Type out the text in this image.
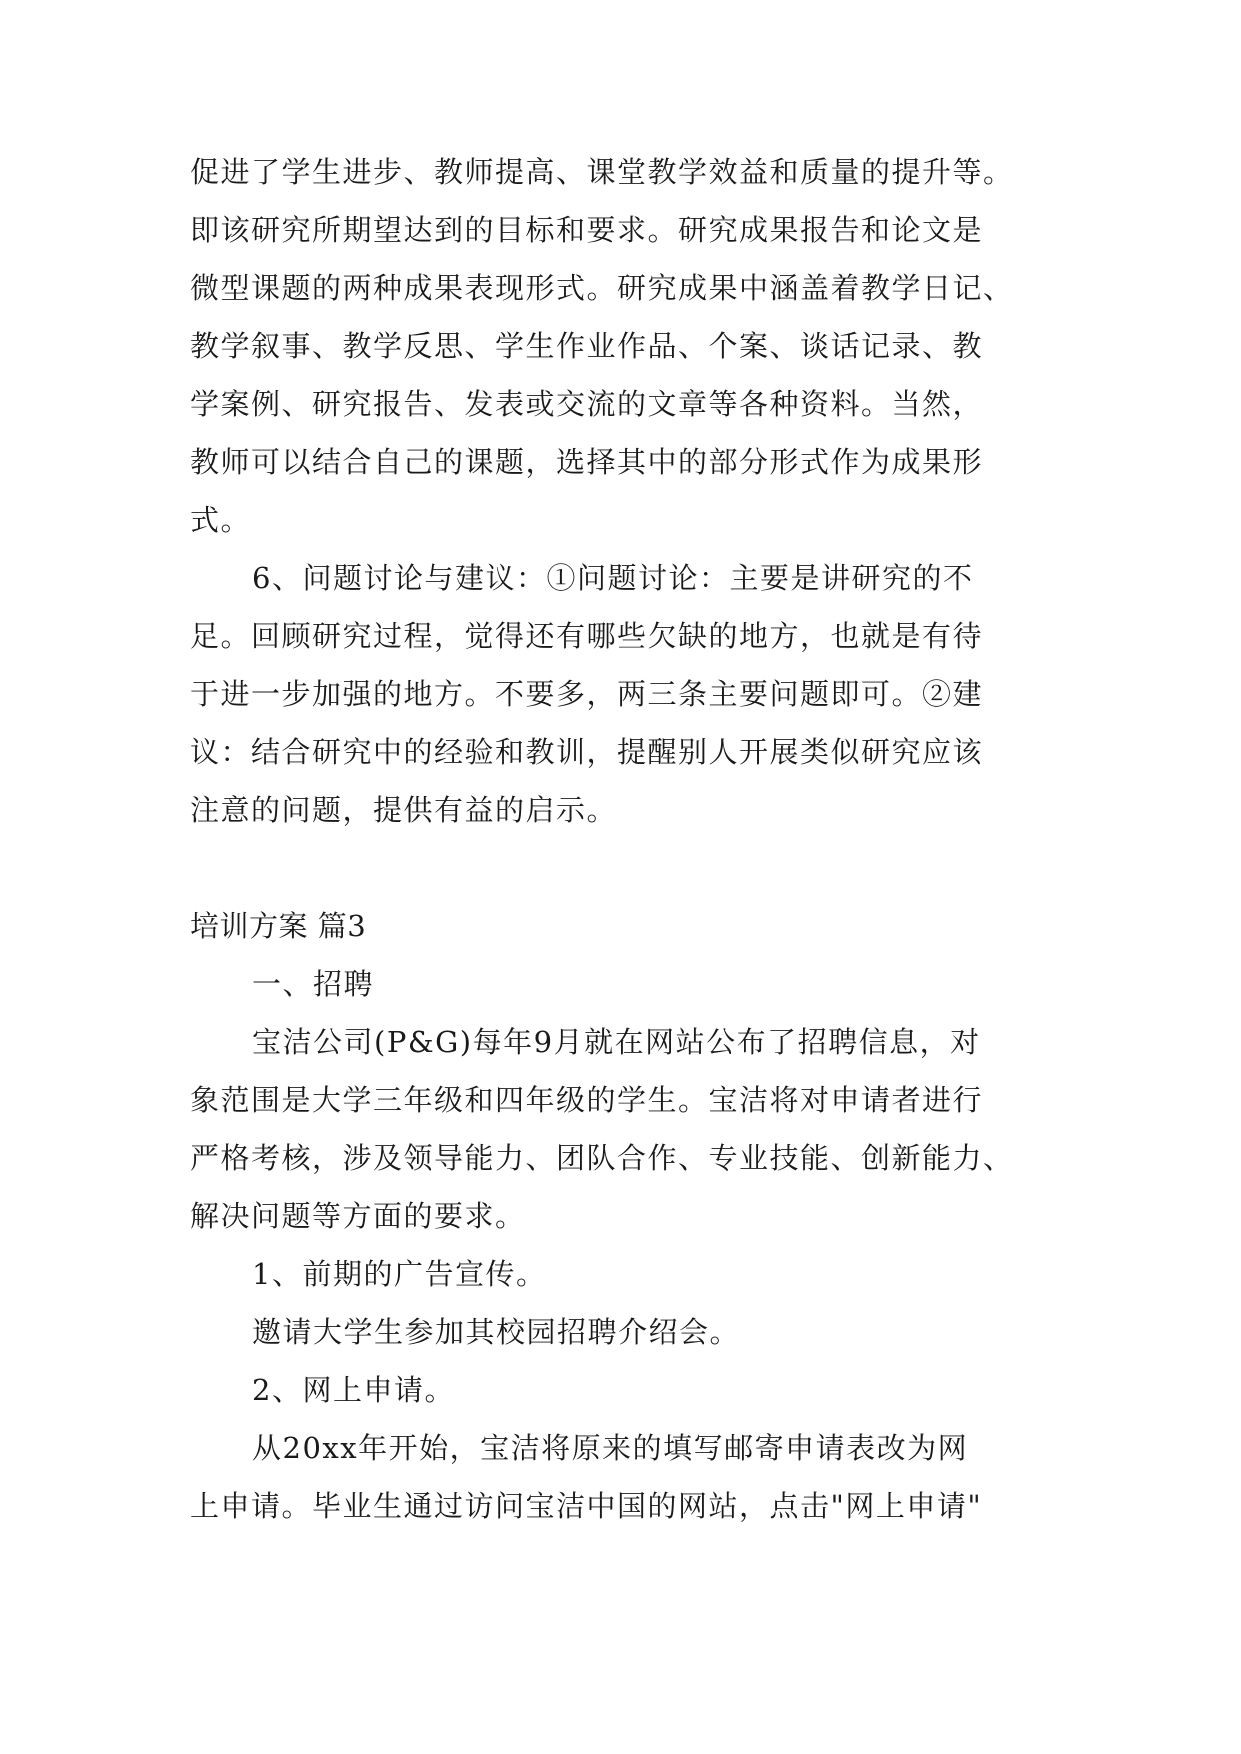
促进了学生进步、教师提高、课堂教学效益和质量的提升等。
即该研究所期望达到的目标和要求。研究成果报告和论文是
微型课题的两种成果表现形式。研究成果中涵盖着教学日记、
教学叙事、教学反思、学生作业作品、个案、谈话记录、教
学案例、研究报告、发表或交流的文章等各种资料。当然，
教师可以结合自己的课题，选择其中的部分形式作为成果形
式。
6、问题讨论与建议：①问题讨论：主要是讲研究的不
足。回顾研究过程，觉得还有哪些欠缺的地方，也就是有待
于进一步加强的地方。不要多，两三条主要问题即可。②建
议：结合研究中的经验和教训，提醒别人开展类似研究应该
注意的问题，提供有益的启示。
培训方案 篇3
一、招聘
宝洁公司(P&G)每年9月就在网站公布了招聘信息，对
象范围是大学三年级和四年级的学生。宝洁将对申请者进行
严格考核，涉及领导能力、团队合作、专业技能、创新能力、
解决问题等方面的要求。
1、前期的广告宣传。
邀请大学生参加其校园招聘介绍会。
2、网上申请。
从20xx年开始，宝洁将原来的填写邮寄申请表改为网
上申请。毕业生通过访问宝洁中国的网站，点击"网上申请"
